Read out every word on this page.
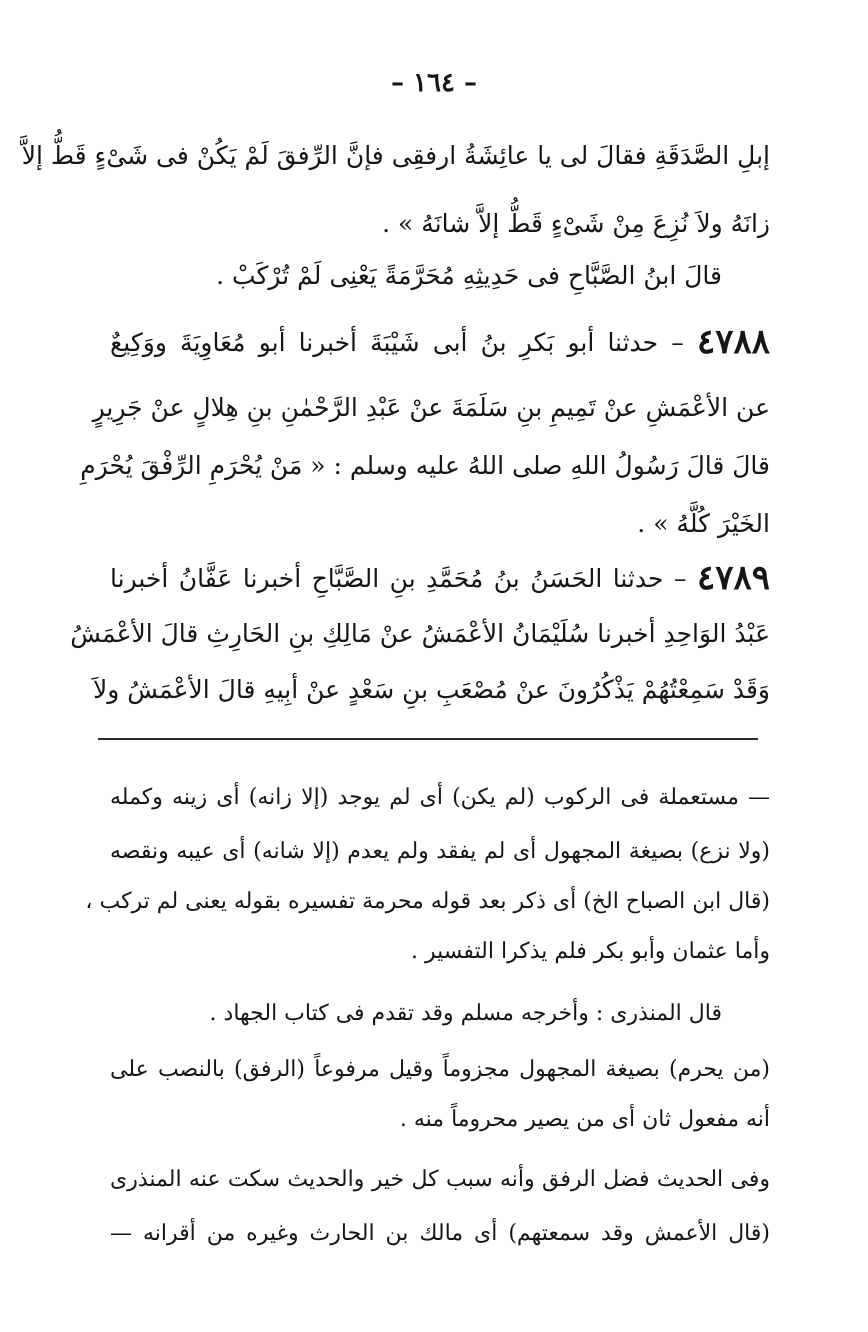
– ١٦٤ –
إبلِ الصَّدَقَةِ فقالَ لى يا عائِشَةُ ارفقِى فإنَّ الرِّفقَ لَمْ يَكُنْ فى شَىْءٍ قَطُّ إلاَّ
زانَهُ ولاَ نُزِعَ مِنْ شَىْءٍ قَطُّ إلاَّ شانَهُ » .
قالَ ابنُ الصَّبَّاحِ فى حَدِيثِهِ مُحَرَّمَةً يَعْنِى لَمْ تُرْكَبْ .
٤٧٨٨ – حدثنا أبو بَكرِ بنُ أبى شَيْبَةَ أخبرنا أبو مُعَاوِيَةَ ووَكِيعٌ
عن الأعْمَشِ عنْ تَمِيمِ بنِ سَلَمَةَ عنْ عَبْدِ الرَّحْمٰنِ بنِ هِلالٍ عنْ جَرِيرٍ
قالَ قالَ رَسُولُ اللهِ صلى اللهُ عليه وسلم : « مَنْ يُحْرَمِ الرِّفْقَ يُحْرَمِ
الخَيْرَ كُلَّهُ » .
٤٧٨٩ – حدثنا الحَسَنُ بنُ مُحَمَّدِ بنِ الصَّبَّاحِ أخبرنا عَفَّانُ أخبرنا
عَبْدُ الوَاحِدِ أخبرنا سُلَيْمَانُ الأعْمَشُ عنْ مَالِكِ بنِ الحَارِثِ قالَ الأعْمَشُ
وَقَدْ سَمِعْتُهُمْ يَذْكُرُونَ عنْ مُصْعَبِ بنِ سَعْدٍ عنْ أبِيهِ قالَ الأعْمَشُ ولاَ
— مستعملة فى الركوب (لم يكن) أى لم يوجد (إلا زانه) أى زينه وكمله
(ولا نزع) بصيغة المجهول أى لم يفقد ولم يعدم (إلا شانه) أى عيبه ونقصه
(قال ابن الصباح الخ) أى ذكر بعد قوله محرمة تفسيره بقوله يعنى لم تركب ،
وأما عثمان وأبو بكر فلم يذكرا التفسير .
قال المنذرى : وأخرجه مسلم وقد تقدم فى كتاب الجهاد .
(من يحرم) بصيغة المجهول مجزوماً وقيل مرفوعاً (الرفق) بالنصب على
أنه مفعول ثان أى من يصير محروماً منه .
وفى الحديث فضل الرفق وأنه سبب كل خير والحديث سكت عنه المنذرى
(قال الأعمش وقد سمعتهم) أى مالك بن الحارث وغيره من أقرانه —
